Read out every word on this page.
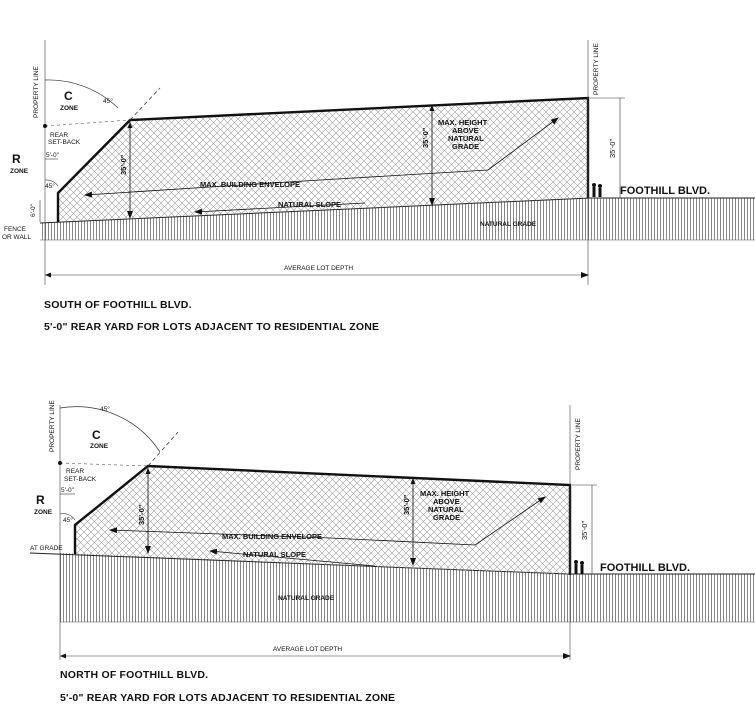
PROPERTY LINE	PROPERTY LINE
C
ZONE
R
ZONE
45°
45°
REAR
SET-BACK
5'-0"	35'-0"
35'-0"
35'-0"
MAX. HEIGHT
ABOVE
NATURAL
GRADE
MAX. BUILDING ENVELOPE
NATURAL SLOPE
NATURAL GRADE
FOOTHILL BLVD.
AVERAGE LOT DEPTH
6'-0"
FENCE
OR WALL
PROPERTY LINE	PROPERTY LINE
C
ZONE
R
ZONE
45°
45°
REAR
SET-BACK
5'-0"
35'-0"	35'-0"
35'-0"
MAX. HEIGHT
ABOVE
NATURAL
GRADE
MAX. BUILDING ENVELOPE
NATURAL SLOPE
NATURAL GRADE
FOOTHILL BLVD.
AVERAGE LOT DEPTH
AT GRADE
SOUTH OF FOOTHILL BLVD.
5'-0" REAR YARD FOR LOTS ADJACENT TO RESIDENTIAL ZONE
NORTH OF FOOTHILL BLVD.
5'-0" REAR YARD FOR LOTS ADJACENT TO RESIDENTIAL ZONE
